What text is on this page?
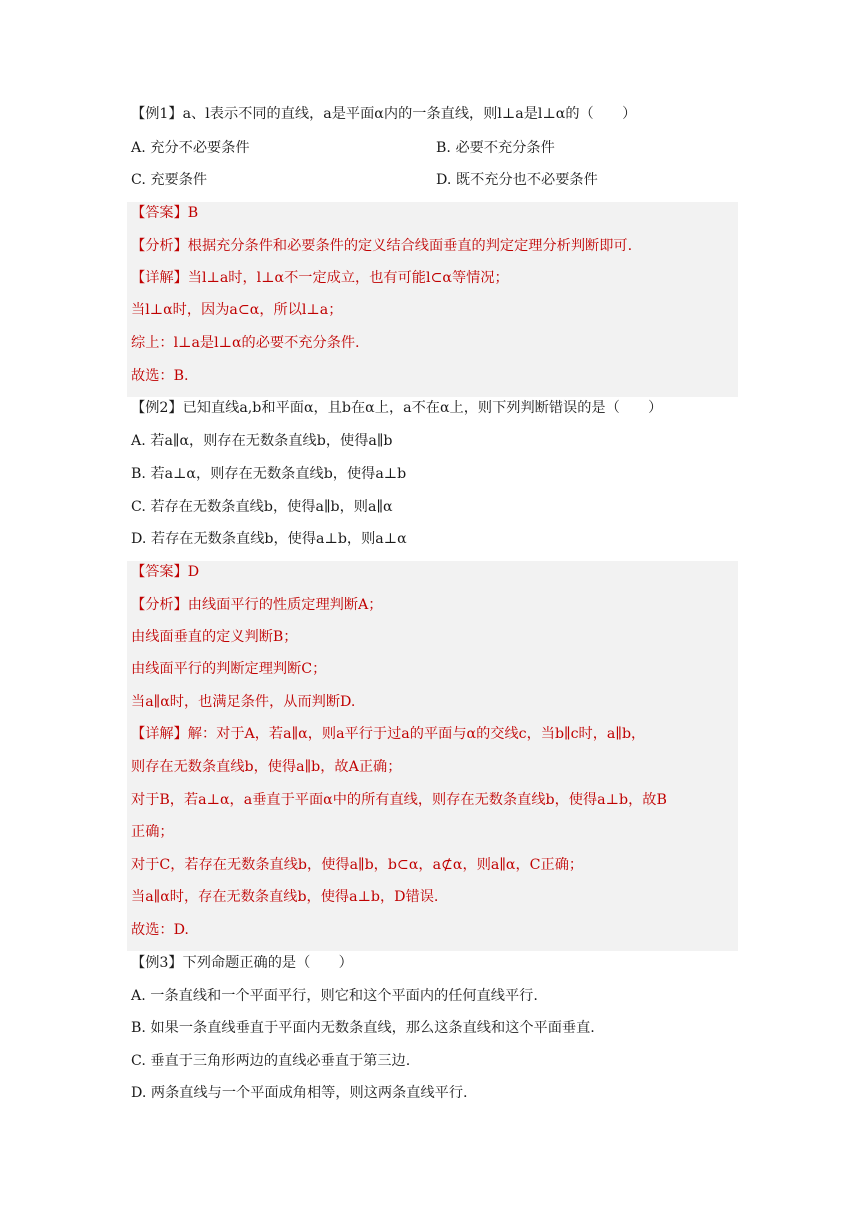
【例1】a、l表示不同的直线，a是平面α内的一条直线，则l⊥a是l⊥α的（　　）
A. 充分不必要条件	B. 必要不充分条件
C. 充要条件	D. 既不充分也不必要条件
【答案】B
【分析】根据充分条件和必要条件的定义结合线面垂直的判定定理分析判断即可.
【详解】当l⊥a时，l⊥α不一定成立，也有可能l⊂α等情况；
当l⊥α时，因为a⊂α，所以l⊥a；
综上：l⊥a是l⊥α的必要不充分条件.
故选：B.
【例2】已知直线a,b和平面α，且b在α上，a不在α上，则下列判断错误的是（　　）
A. 若a∥α，则存在无数条直线b，使得a∥b
B. 若a⊥α，则存在无数条直线b，使得a⊥b
C. 若存在无数条直线b，使得a∥b，则a∥α
D. 若存在无数条直线b，使得a⊥b，则a⊥α
【答案】D
【分析】由线面平行的性质定理判断A；
由线面垂直的定义判断B；
由线面平行的判断定理判断C；
当a∥α时，也满足条件，从而判断D.
【详解】解：对于A，若a∥α，则a平行于过a的平面与α的交线c，当b∥c时，a∥b，
则存在无数条直线b，使得a∥b，故A正确；
对于B，若a⊥α，a垂直于平面α中的所有直线，则存在无数条直线b，使得a⊥b，故B
正确；
对于C，若存在无数条直线b，使得a∥b，b⊂α，a⊄α，则a∥α，C正确；
当a∥α时，存在无数条直线b，使得a⊥b，D错误.
故选：D.
【例3】下列命题正确的是（　　）
A. 一条直线和一个平面平行，则它和这个平面内的任何直线平行.
B. 如果一条直线垂直于平面内无数条直线，那么这条直线和这个平面垂直.
C. 垂直于三角形两边的直线必垂直于第三边.
D. 两条直线与一个平面成角相等，则这两条直线平行.
